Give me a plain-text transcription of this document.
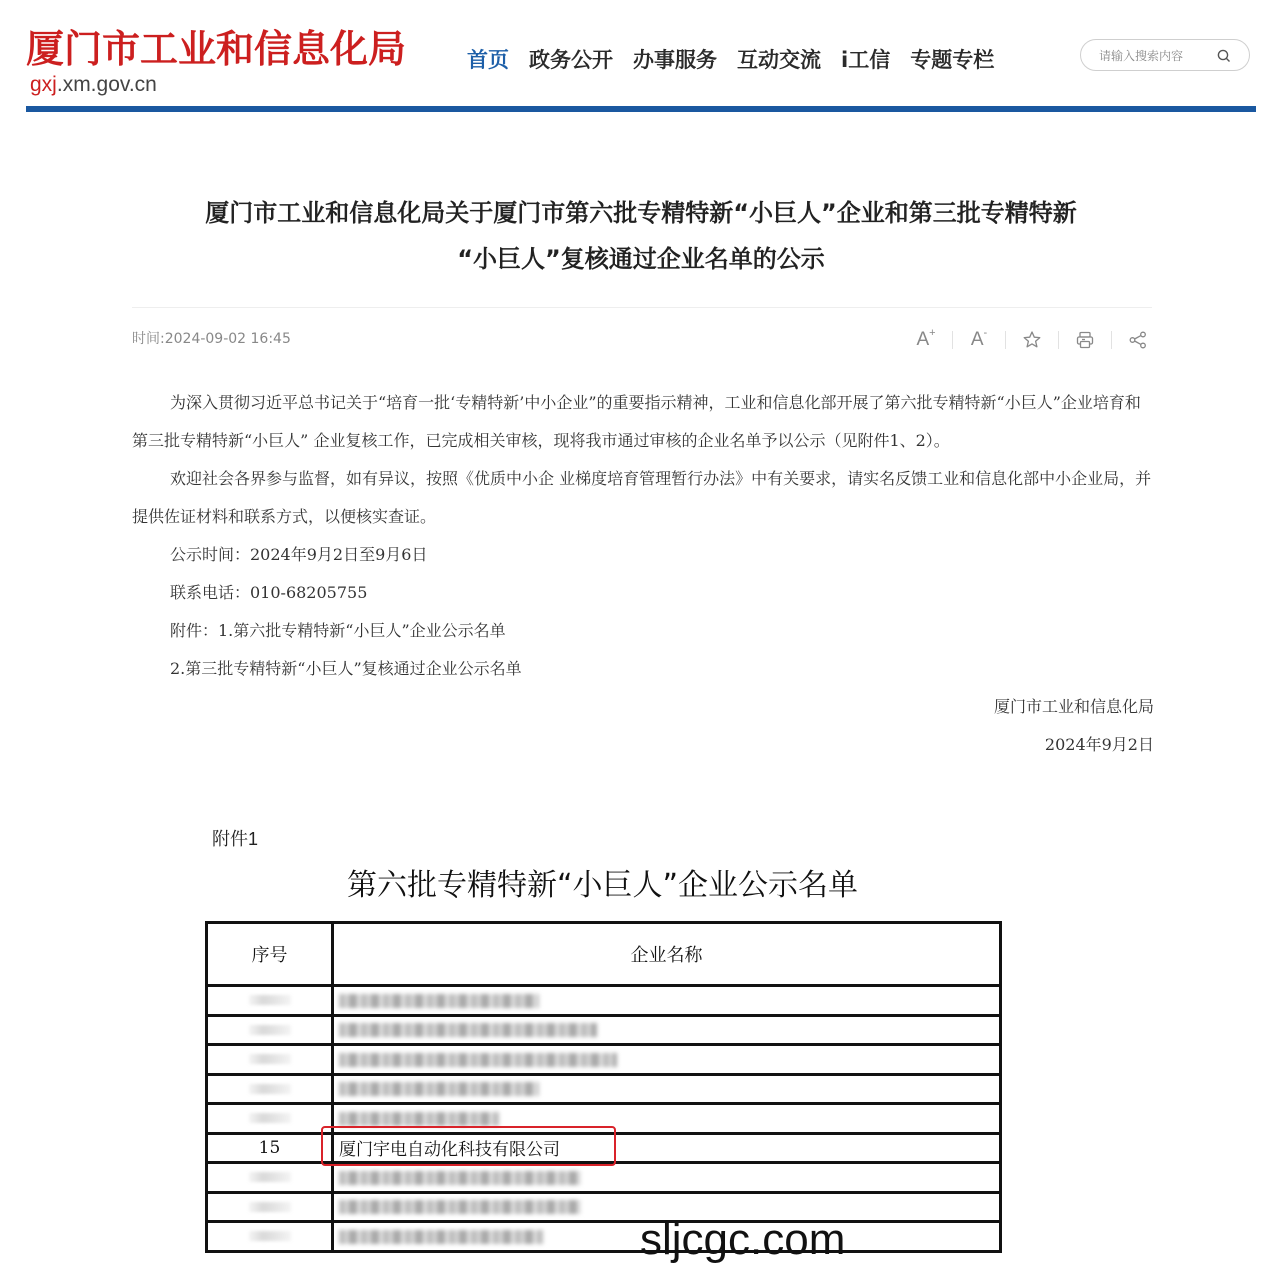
厦门市工业和信息化局
gxj.xm.gov.cn
首页 政务公开 办事服务 互动交流 i工信 专题专栏
请输入搜索内容
厦门市工业和信息化局关于厦门市第六批专精特新“小巨人”企业和第三批专精特新
“小巨人”复核通过企业名单的公示
时间:2024-09-02 16:45	A+ A-

为深入贯彻习近平总书记关于“培育一批‘专精特新’中小企业”的重要指示精神，工业和信息化部开展了第六批专精特新“小巨人”企业培育和第三批专精特新“小巨人” 企业复核工作，已完成相关审核，现将我市通过审核的企业名单予以公示（见附件1、2）。

欢迎社会各界参与监督，如有异议，按照《优质中小企 业梯度培育管理暂行办法》中有关要求，请实名反馈工业和信息化部中小企业局，并提供佐证材料和联系方式，以便核实查证。

公示时间：2024年9月2日至9月6日

联系电话：010-68205755

附件：1.第六批专精特新“小巨人”企业公示名单

2.第三批专精特新“小巨人”复核通过企业公示名单

厦门市工业和信息化局

2024年9月2日

附件1
第六批专精特新“小巨人”企业公示名单
序号	企业名称

15	厦门宇电自动化科技有限公司

sljcgc.com
